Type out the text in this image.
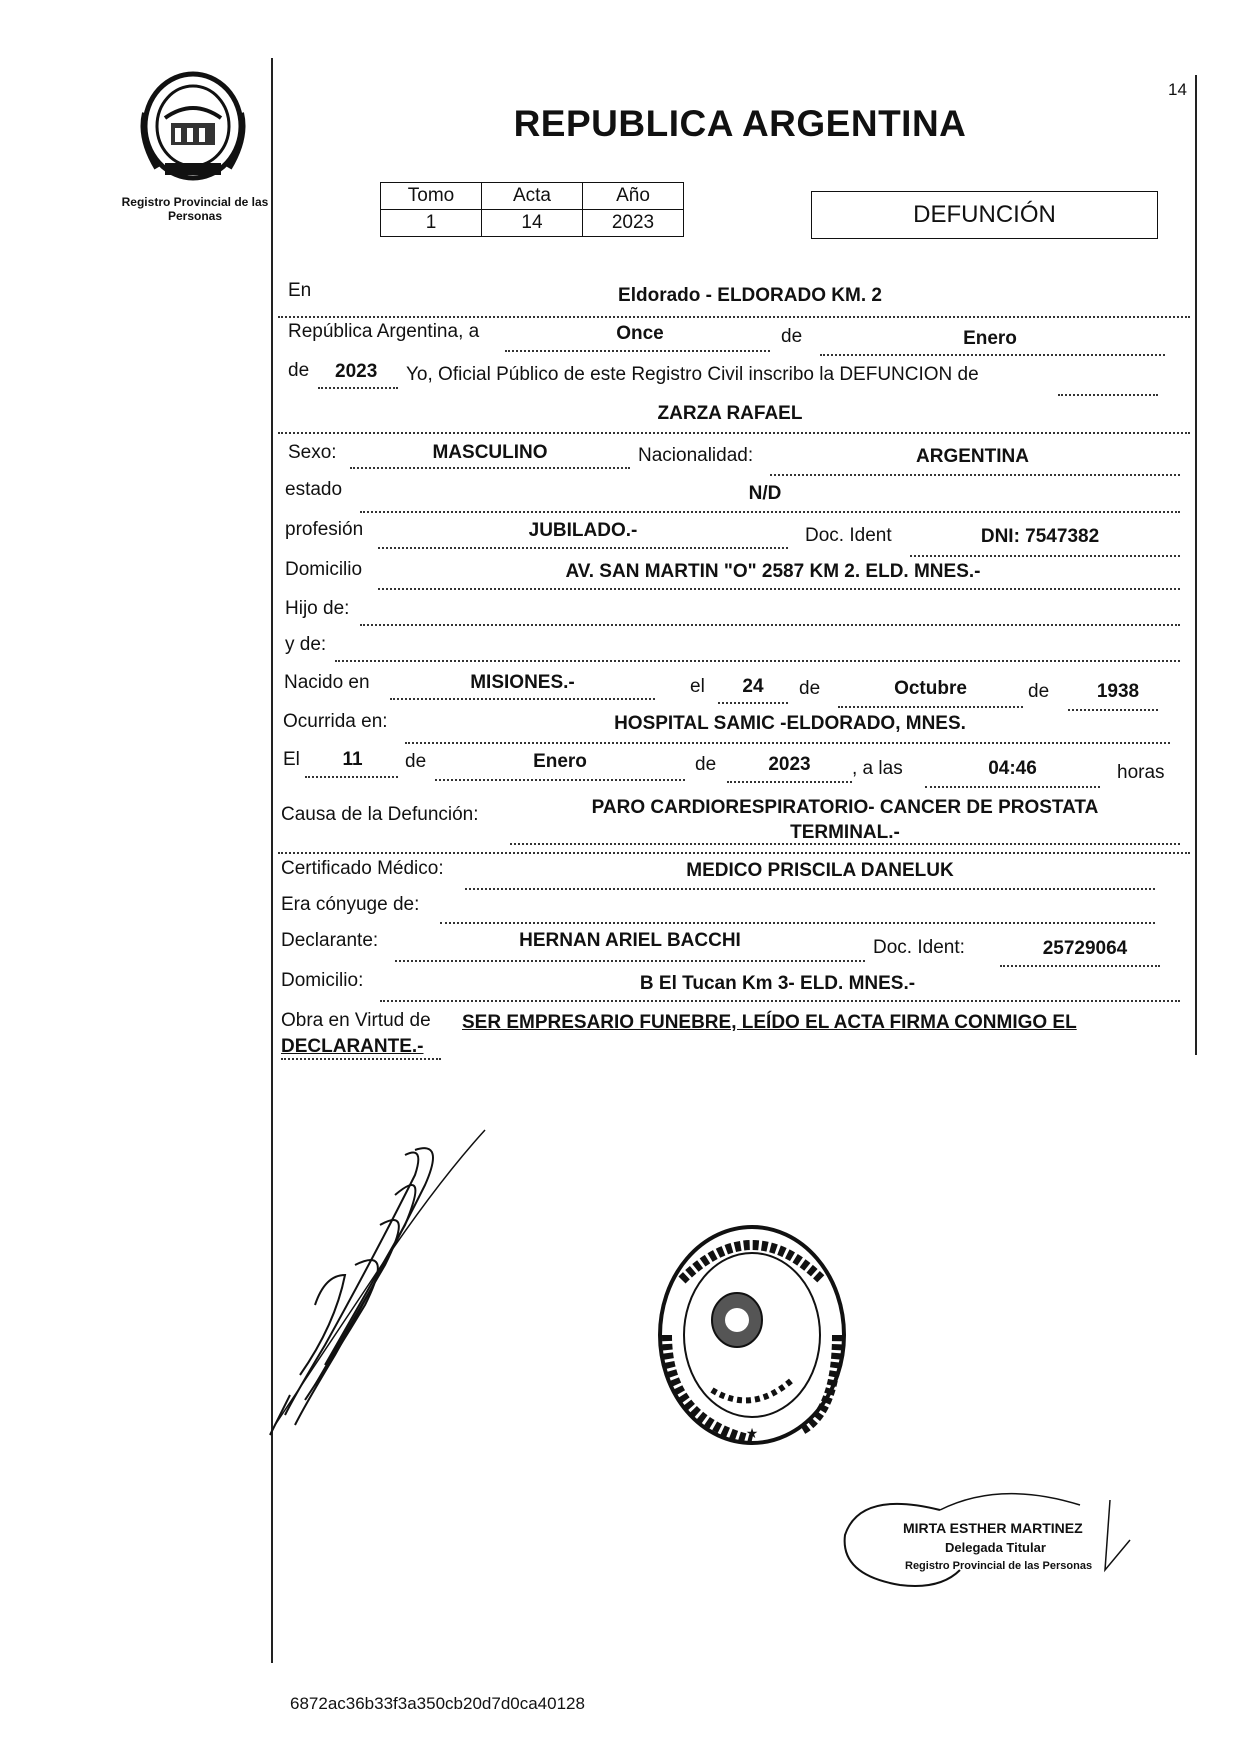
14
Registro Provincial de las Personas
REPUBLICA ARGENTINA
Tomo	Acta	Año
1	14	2023	DEFUNCIÓN
En	Eldorado - ELDORADO KM. 2
República Argentina, a	Once	de	Enero
de 2023 Yo, Oficial Público de este Registro Civil inscribo la DEFUNCION de
ZARZA RAFAEL
Sexo:	MASCULINO	Nacionalidad:	ARGENTINA
estado	N/D
profesión	JUBILADO.-	Doc. Ident	DNI: 7547382
Domicilio	AV. SAN MARTIN "O" 2587 KM 2. ELD. MNES.-
Hijo de:
y de:
Nacido en	MISIONES.-	el	24	de	Octubre	de	1938
Ocurrida en:	HOSPITAL SAMIC -ELDORADO, MNES.
El	11	de	Enero	de	2023	, a las	04:46	horas
Causa de la Defunción:	PARO CARDIORESPIRATORIO- CANCER DE PROSTATA
TERMINAL.-
Certificado Médico:	MEDICO PRISCILA DANELUK
Era cónyuge de:
Declarante:	HERNAN ARIEL BACCHI	Doc. Ident:	25729064
Domicilio:	B El Tucan Km 3- ELD. MNES.-
Obra en Virtud de SER EMPRESARIO FUNEBRE, LEÍDO EL ACTA FIRMA CONMIGO EL
DECLARANTE.-
★
MIRTA ESTHER MARTINEZ
Delegada Titular
Registro Provincial de las Personas
6872ac36b33f3a350cb20d7d0ca40128
